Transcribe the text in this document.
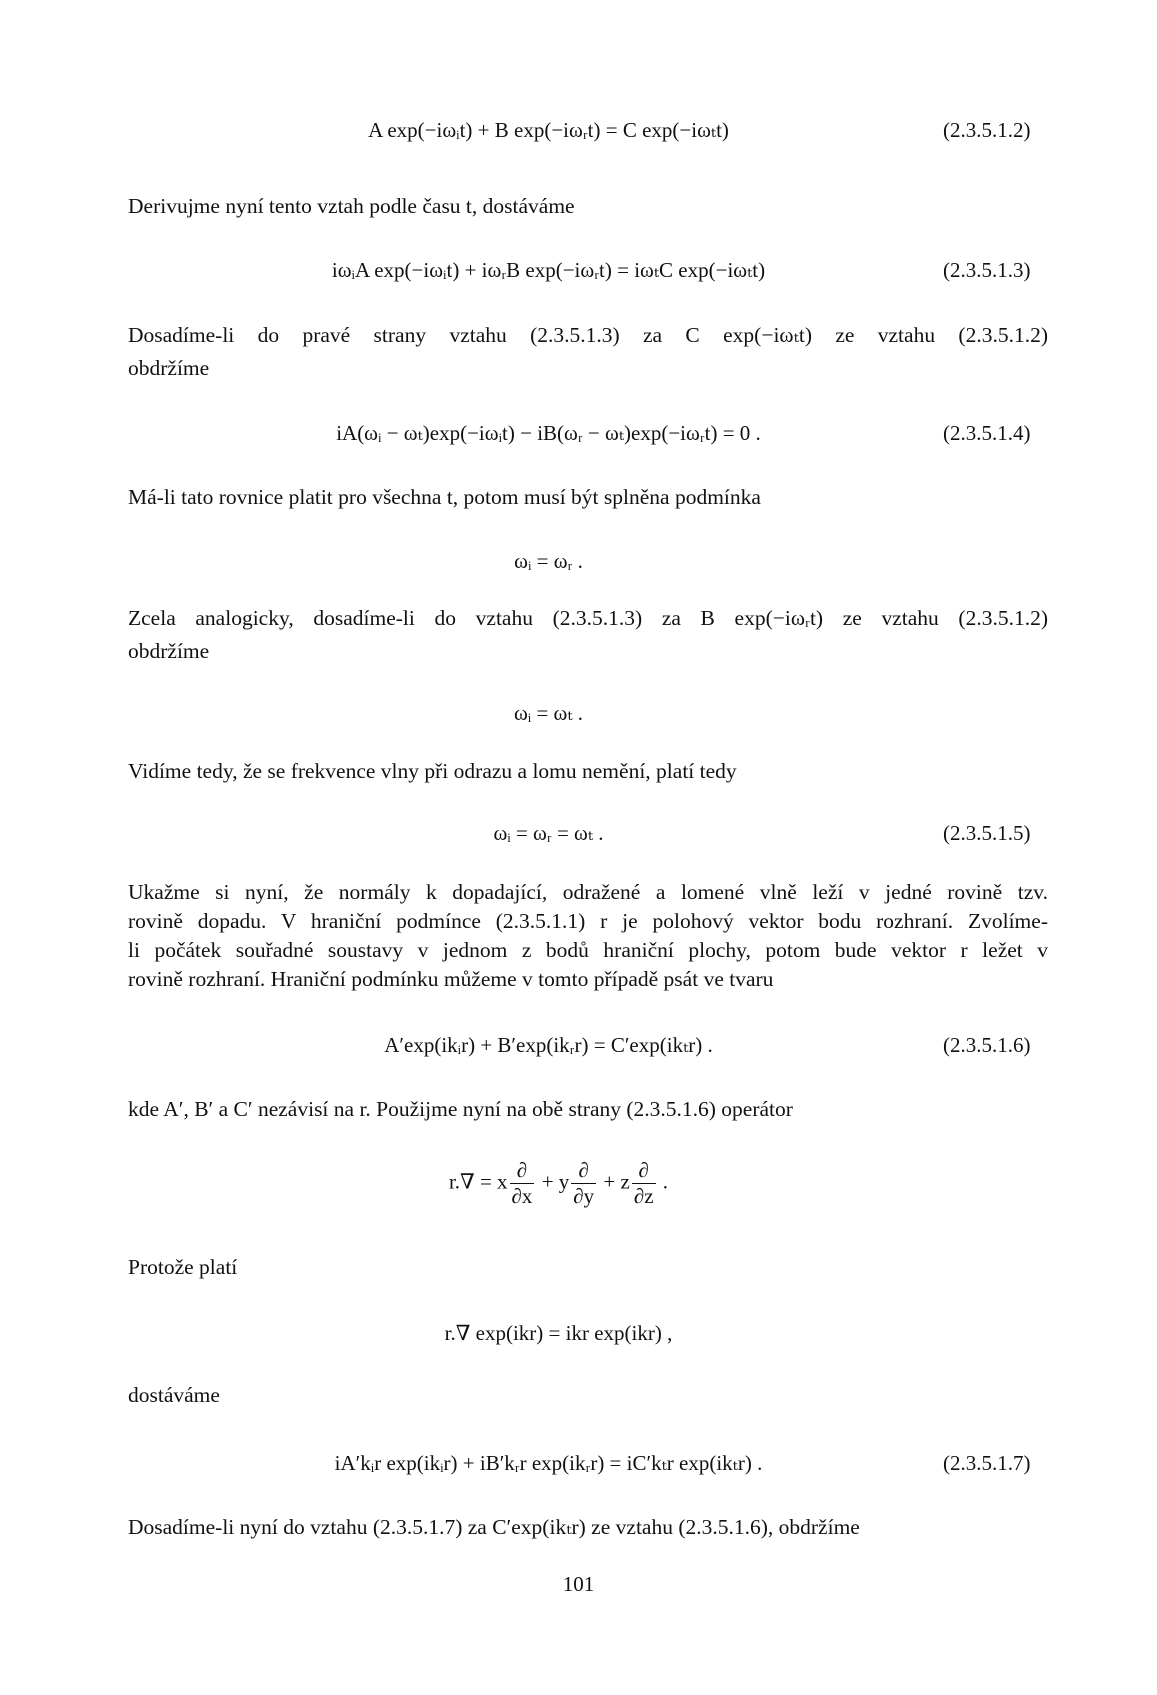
A exp(−iωᵢt) + B exp(−iωᵣt) = C exp(−iωₜt)	(2.3.5.1.2)
Derivujme nyní tento vztah podle času t, dostáváme
iωᵢA exp(−iωᵢt) + iωᵣB exp(−iωᵣt) = iωₜC exp(−iωₜt)	(2.3.5.1.3)
Dosadíme-li do pravé strany vztahu (2.3.5.1.3) za C exp(−iωₜt) ze vztahu (2.3.5.1.2)
obdržíme
iA(ωᵢ − ωₜ)exp(−iωᵢt) − iB(ωᵣ − ωₜ)exp(−iωᵣt) = 0 .	(2.3.5.1.4)
Má-li tato rovnice platit pro všechna t, potom musí být splněna podmínka
ωᵢ = ωᵣ .
Zcela analogicky, dosadíme-li do vztahu (2.3.5.1.3) za B exp(−iωᵣt) ze vztahu (2.3.5.1.2)
obdržíme
ωᵢ = ωₜ .
Vidíme tedy, že se frekvence vlny při odrazu a lomu nemění, platí tedy
ωᵢ = ωᵣ = ωₜ .	(2.3.5.1.5)
Ukažme si nyní, že normály k dopadající, odražené a lomené vlně leží v jedné rovině tzv.
rovině dopadu. V hraniční podmínce (2.3.5.1.1) r je polohový vektor bodu rozhraní. Zvolíme-
li počátek souřadné soustavy v jednom z bodů hraniční plochy, potom bude vektor r ležet v
rovině rozhraní. Hraniční podmínku můžeme v tomto případě psát ve tvaru
A′exp(ikᵢr) + B′exp(ikᵣr) = C′exp(ikₜr) .	(2.3.5.1.6)
kde A′, B′ a C′ nezávisí na r. Použijme nyní na obě strany (2.3.5.1.6) operátor
r.∇ = x $\frac{\partial}{\partial x} + y \frac{\partial}{\partial y} + z \frac{\partial}{\partial z}$ .
Protože platí
r.∇ exp(ikr) = ikr exp(ikr) ,
dostáváme
iA′kᵢr exp(ikᵢr) + iB′kᵣr exp(ikᵣr) = iC′kₜr exp(ikₜr) .	(2.3.5.1.7)
Dosadíme-li nyní do vztahu (2.3.5.1.7) za C′exp(ikₜr) ze vztahu (2.3.5.1.6), obdržíme
101
